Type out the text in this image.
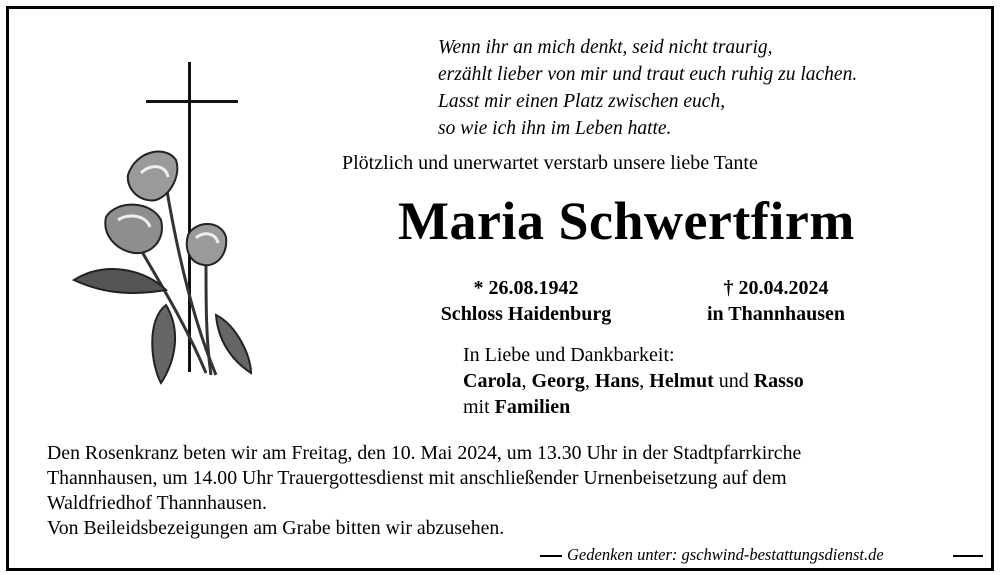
Wenn ihr an mich denkt, seid nicht traurig,
erzählt lieber von mir und traut euch ruhig zu lachen.
Lasst mir einen Platz zwischen euch,
so wie ich ihn im Leben hatte.
Plötzlich und unerwartet verstarb unsere liebe Tante
Maria Schwertfirm
* 26.08.1942
Schloss Haidenburg
† 20.04.2024
in Thannhausen
In Liebe und Dankbarkeit:
Carola, Georg, Hans, Helmut und Rasso
mit Familien
Den Rosenkranz beten wir am Freitag, den 10. Mai 2024, um 13.30 Uhr in der Stadtpfarrkirche
Thannhausen, um 14.00 Uhr Trauergottesdienst mit anschließender Urnenbeisetzung auf dem
Waldfriedhof Thannhausen.
Von Beileidsbezeigungen am Grabe bitten wir abzusehen.
Gedenken unter: gschwind-bestattungsdienst.de
